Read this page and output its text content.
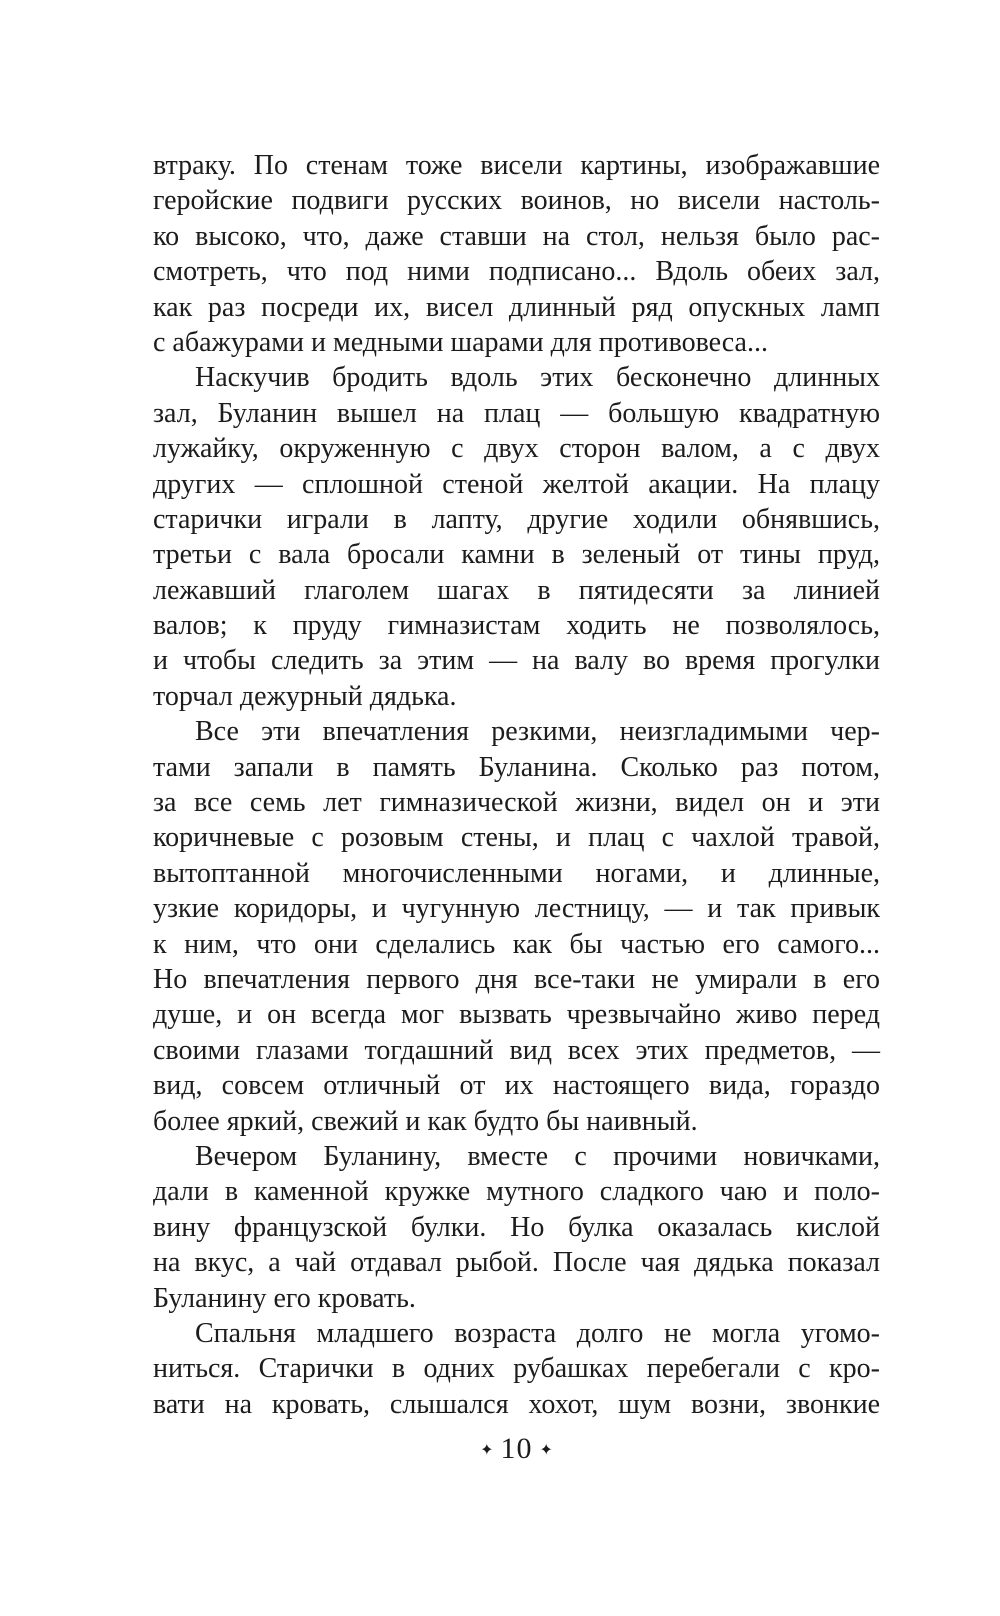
втраку. По стенам тоже висели картины, изображавшие
геройские подвиги русских воинов, но висели настоль-
ко высоко, что, даже ставши на стол, нельзя было рас-
смотреть, что под ними подписано... Вдоль обеих зал,
как раз посреди их, висел длинный ряд опускных ламп
с абажурами и медными шарами для противовеса...
Наскучив бродить вдоль этих бесконечно длинных
зал, Буланин вышел на плац — большую квадратную
лужайку, окруженную с двух сторон валом, а с двух
других — сплошной стеной желтой акации. На плацу
старички играли в лапту, другие ходили обнявшись,
третьи с вала бросали камни в зеленый от тины пруд,
лежавший глаголем шагах в пятидесяти за линией
валов; к пруду гимназистам ходить не позволялось,
и чтобы следить за этим — на валу во время прогулки
торчал дежурный дядька.
Все эти впечатления резкими, неизгладимыми чер-
тами запали в память Буланина. Сколько раз потом,
за все семь лет гимназической жизни, видел он и эти
коричневые с розовым стены, и плац с чахлой травой,
вытоптанной многочисленными ногами, и длинные,
узкие коридоры, и чугунную лестницу, — и так привык
к ним, что они сделались как бы частью его самого...
Но впечатления первого дня все-таки не умирали в его
душе, и он всегда мог вызвать чрезвычайно живо перед
своими глазами тогдашний вид всех этих предметов, —
вид, совсем отличный от их настоящего вида, гораздо
более яркий, свежий и как будто бы наивный.
Вечером Буланину, вместе с прочими новичками,
дали в каменной кружке мутного сладкого чаю и поло-
вину французской булки. Но булка оказалась кислой
на вкус, а чай отдавал рыбой. После чая дядька показал
Буланину его кровать.
Спальня младшего возраста долго не могла угомо-
ниться. Старички в одних рубашках перебегали с кро-
вати на кровать, слышался хохот, шум возни, звонкие
✦ 10 ✦
